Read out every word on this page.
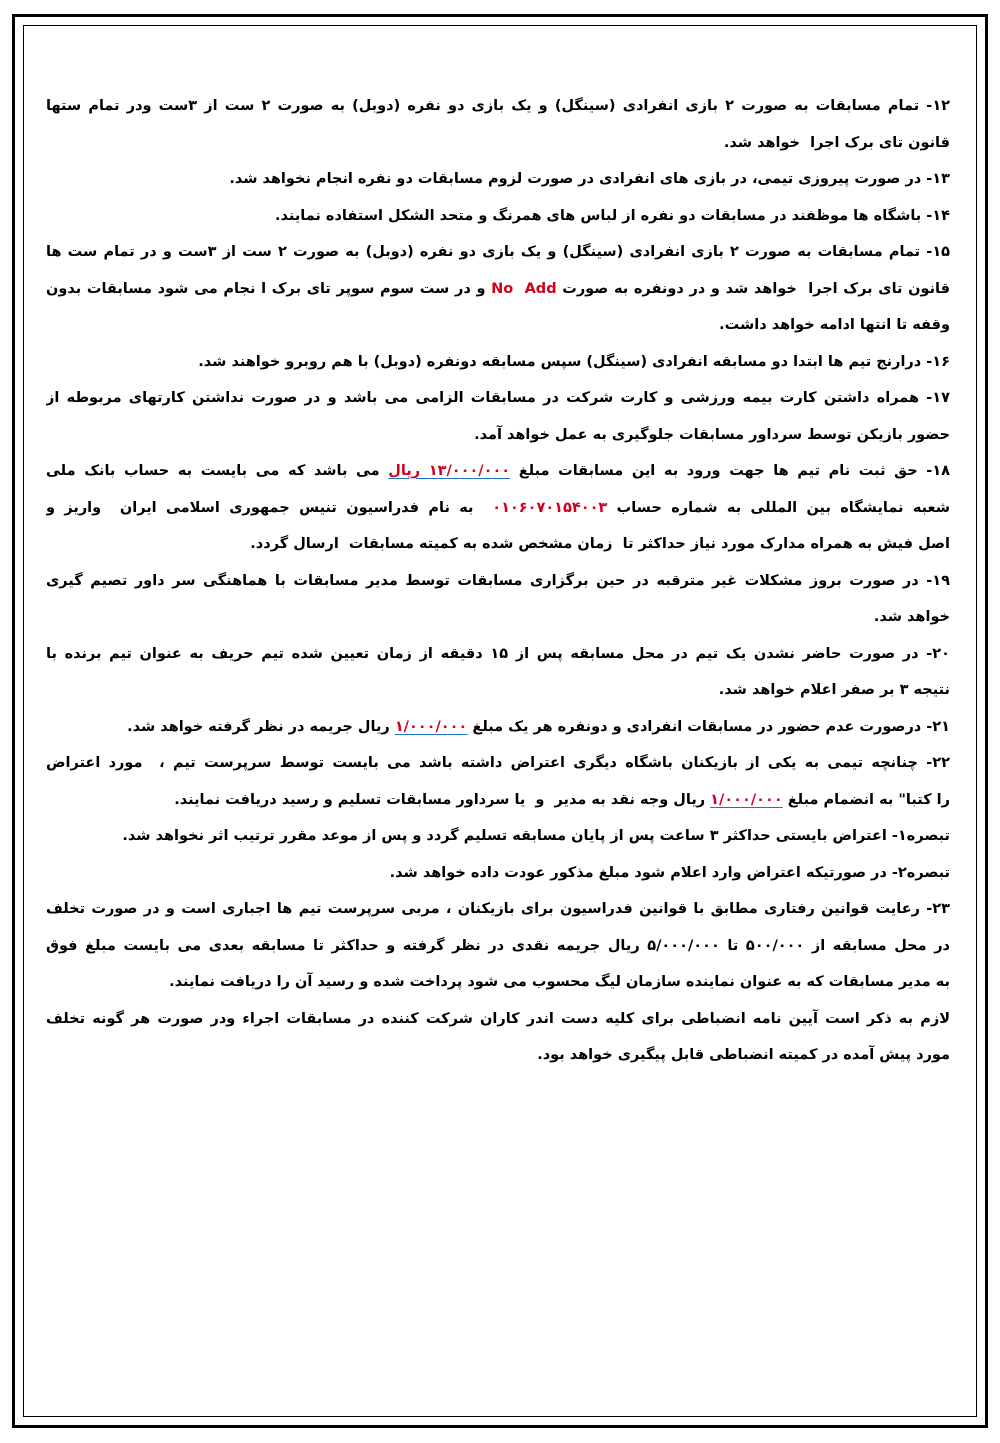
۱۲- تمام مسابقات به صورت ۲ بازی انفرادی (سینگل) و یک بازی دو نفره (دوبل) به صورت ۲ ست از ۳ست ودر تمام ستها
قانون تای برک اجرا  خواهد شد.
۱۳- در صورت پیروزی تیمی، در بازی های انفرادی در صورت لزوم مسابقات دو نفره انجام نخواهد شد.
۱۴- باشگاه ها موظفند در مسابقات دو نفره از لباس های همرنگ و متحد الشکل استفاده نمایند.
۱۵- تمام مسابقات به صورت ۲ بازی انفرادی (سینگل) و یک بازی دو نفره (دوبل) به صورت ۲ ست از ۳ست و در تمام ست ها
قانون تای برک اجرا  خواهد شد و در دونفره به صورت No  Add و در ست سوم سوپر تای برک ا نجام می شود مسابقات بدون
وقفه تا انتها ادامه خواهد داشت.
۱۶- درارنج تیم ها ابتدا دو مسابقه انفرادی (سینگل) سپس مسابقه دونفره (دوبل) با هم روبرو خواهند شد.
۱۷- همراه داشتن کارت بیمه ورزشی و کارت شرکت در مسابقات الزامی می باشد و در صورت نداشتن کارتهای مربوطه از
حضور بازیکن توسط سرداور مسابقات جلوگیری به عمل خواهد آمد.
۱۸- حق ثبت نام تیم ها جهت ورود به این مسابقات مبلغ ۱۳/۰۰۰/۰۰۰ ریال می باشد که می بایست به حساب بانک ملی
شعبه نمایشگاه بین المللی به شماره حساب ۰۱۰۶۰۷۰۱۵۴۰۰۳  به نام فدراسیون تنیس جمهوری اسلامی ایران  واریز و
اصل فیش به همراه مدارک مورد نیاز حداکثر تا  زمان مشخص شده به کمیته مسابقات  ارسال گردد.
۱۹- در صورت بروز مشکلات غیر مترقبه در حین برگزاری مسابقات توسط مدیر مسابقات با هماهنگی سر داور تصیم گیری
خواهد شد.
۲۰- در صورت حاضر نشدن یک تیم در محل مسابقه پس از ۱۵ دقیقه از زمان تعیین شده تیم حریف به عنوان تیم برنده با
نتیجه ۳ بر صفر اعلام خواهد شد.
۲۱- درصورت عدم حضور در مسابقات انفرادی و دونفره هر یک مبلغ ۱/۰۰۰/۰۰۰ ریال جریمه در نظر گرفته خواهد شد.
۲۲- چنانچه تیمی به یکی از بازیکنان باشگاه دیگری اعتراض داشته باشد می بایست توسط سرپرست تیم ،  مورد اعتراض
را کتبا" به انضمام مبلغ ۱/۰۰۰/۰۰۰ ریال وجه نقد به مدیر  و  یا سرداور مسابقات تسلیم و رسید دریافت نمایند.
تبصره۱- اعتراض بایستی حداکثر ۳ ساعت پس از پایان مسابقه تسلیم گردد و پس از موعد مقرر ترتیب اثر نخواهد شد.
تبصره۲- در صورتیکه اعتراض وارد اعلام شود مبلغ مذکور عودت داده خواهد شد.
۲۳- رعایت قوانین رفتاری مطابق با قوانین فدراسیون برای بازیکنان ، مربی سرپرست تیم ها اجباری است و در صورت تخلف
در محل مسابقه از ۵۰۰/۰۰۰ تا ۵/۰۰۰/۰۰۰ ریال جریمه نقدی در نظر گرفته و حداکثر تا مسابقه بعدی می بایست مبلغ فوق
به مدیر مسابقات که به عنوان نماینده سازمان لیگ محسوب می شود پرداخت شده و رسید آن را دریافت نمایند.
لازم به ذکر است آیین نامه انضباطی برای کلیه دست اندر کاران شرکت کننده در مسابقات اجراء ودر صورت هر گونه تخلف
مورد پیش آمده در کمیته انضباطی قابل پیگیری خواهد بود.
